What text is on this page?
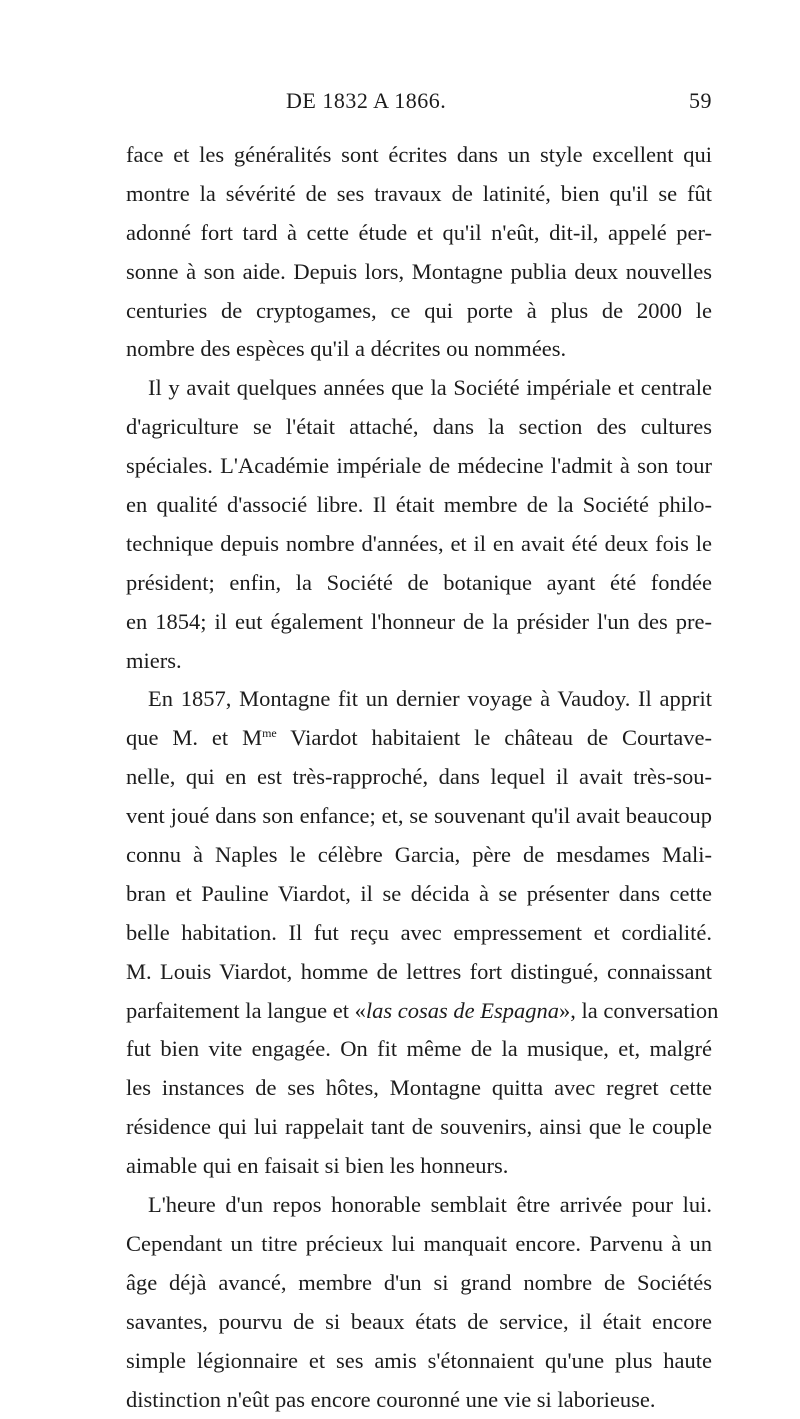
DE 1832 A 1866.	59
face et les généralités sont écrites dans un style excellent qui
montre la sévérité de ses travaux de latinité, bien qu'il se fût
adonné fort tard à cette étude et qu'il n'eût, dit-il, appelé per-
sonne à son aide. Depuis lors, Montagne publia deux nouvelles
centuries de cryptogames, ce qui porte à plus de 2000 le
nombre des espèces qu'il a décrites ou nommées.
Il y avait quelques années que la Société impériale et centrale
d'agriculture se l'était attaché, dans la section des cultures
spéciales. L'Académie impériale de médecine l'admit à son tour
en qualité d'associé libre. Il était membre de la Société philo-
technique depuis nombre d'années, et il en avait été deux fois le
président; enfin, la Société de botanique ayant été fondée
en 1854; il eut également l'honneur de la présider l'un des pre-
miers.
En 1857, Montagne fit un dernier voyage à Vaudoy. Il apprit
que M. et $M^{me}$ Viardot habitaient le château de Courtave-
nelle, qui en est très-rapproché, dans lequel il avait très-sou-
vent joué dans son enfance; et, se souvenant qu'il avait beaucoup
connu à Naples le célèbre Garcia, père de mesdames Mali-
bran et Pauline Viardot, il se décida à se présenter dans cette
belle habitation. Il fut reçu avec empressement et cordialité.
M. Louis Viardot, homme de lettres fort distingué, connaissant
parfaitement la langue et «las cosas de Espagna», la conversation
fut bien vite engagée. On fit même de la musique, et, malgré
les instances de ses hôtes, Montagne quitta avec regret cette
résidence qui lui rappelait tant de souvenirs, ainsi que le couple
aimable qui en faisait si bien les honneurs.
L'heure d'un repos honorable semblait être arrivée pour lui.
Cependant un titre précieux lui manquait encore. Parvenu à un
âge déjà avancé, membre d'un si grand nombre de Sociétés
savantes, pourvu de si beaux états de service, il était encore
simple légionnaire et ses amis s'étonnaient qu'une plus haute
distinction n'eût pas encore couronné une vie si laborieuse.
